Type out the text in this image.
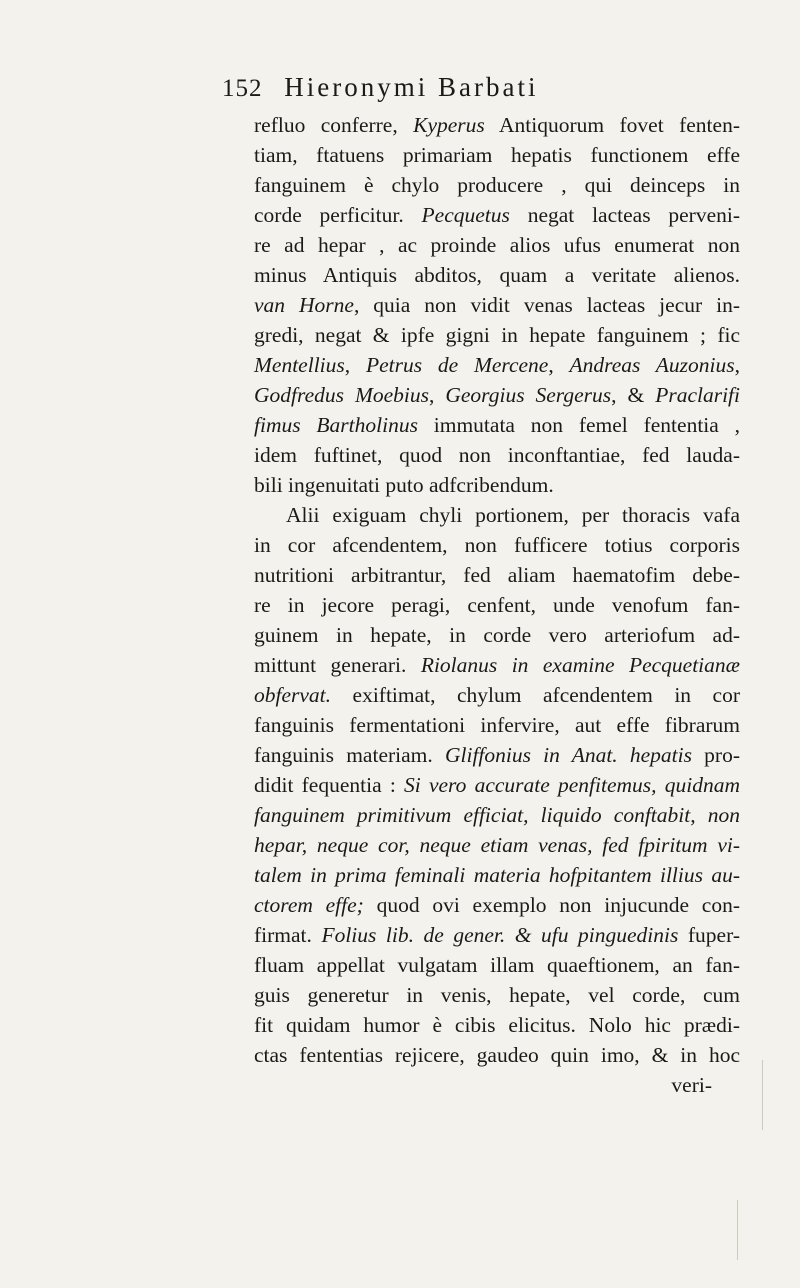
152 Hieronymi Barbati
refluo conferre, Kyperus Antiquorum fovet fenten-
tiam, ftatuens primariam hepatis functionem effe
fanguinem è chylo producere , qui deinceps in
corde perficitur. Pecquetus negat lacteas perveni-
re ad hepar , ac proinde alios ufus enumerat non
minus Antiquis abditos, quam a veritate alienos.
van Horne, quia non vidit venas lacteas jecur in-
gredi, negat & ipfe gigni in hepate fanguinem ; fic
Mentellius, Petrus de Mercene, Andreas Auzonius,
Godfredus Moebius, Georgius Sergerus, & Praclarifi
fimus Bartholinus immutata non femel fententia ,
idem fuftinet, quod non inconftantiae, fed lauda-
bili ingenuitati puto adfcribendum.
Alii exiguam chyli portionem, per thoracis vafa
in cor afcendentem, non fufficere totius corporis
nutritioni arbitrantur, fed aliam haematofim debe-
re in jecore peragi, cenfent, unde venofum fan-
guinem in hepate, in corde vero arteriofum ad-
mittunt generari. Riolanus in examine Pecquetianæ
obfervat. exiftimat, chylum afcendentem in cor
fanguinis fermentationi infervire, aut effe fibrarum
fanguinis materiam. Gliffonius in Anat. hepatis pro-
didit fequentia : Si vero accurate penfitemus, quidnam
fanguinem primitivum efficiat, liquido conftabit, non
hepar, neque cor, neque etiam venas, fed fpiritum vi-
talem in prima feminali materia hofpitantem illius au-
ctorem effe; quod ovi exemplo non injucunde con-
firmat. Folius lib. de gener. & ufu pinguedinis fuper-
fluam appellat vulgatam illam quaeftionem, an fan-
guis generetur in venis, hepate, vel corde, cum
fit quidam humor è cibis elicitus. Nolo hic prædi-
ctas fententias rejicere, gaudeo quin imo, & in hoc
veri-
